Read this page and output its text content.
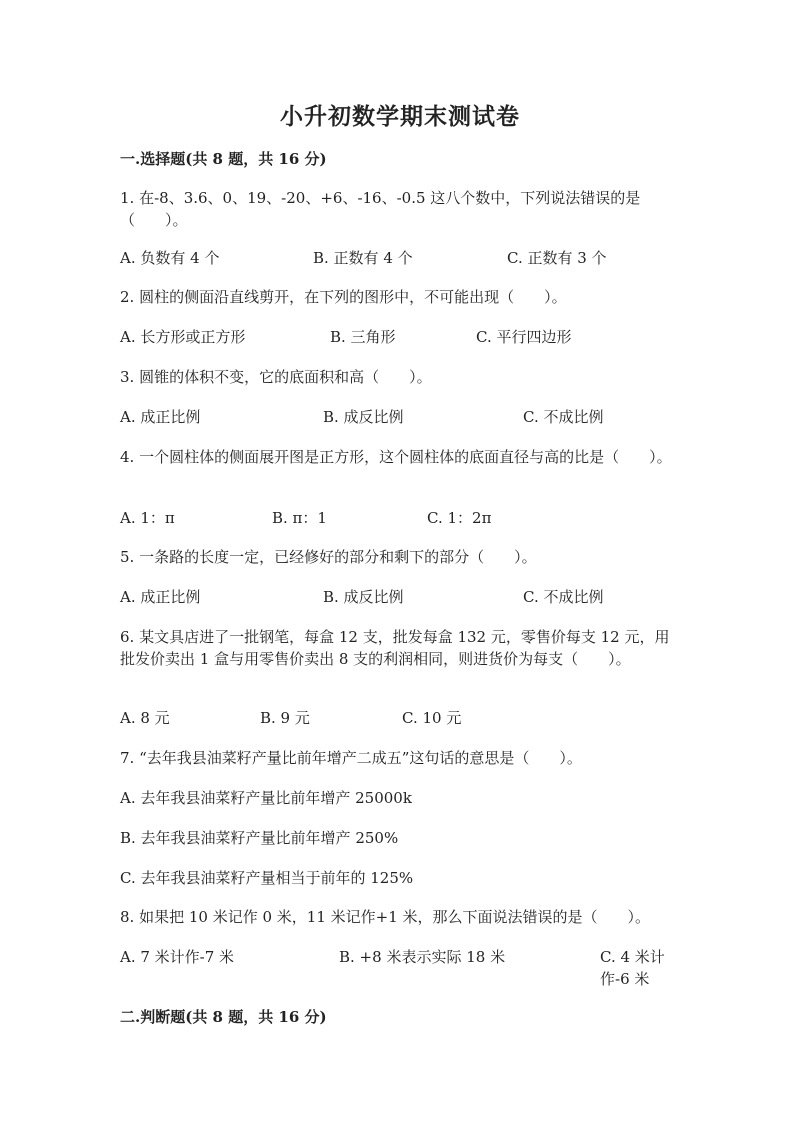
小升初数学期末测试卷
一.选择题(共 8 题，共 16 分)
1. 在-8、3.6、0、19、-20、+6、-16、-0.5 这八个数中，下列说法错误的是（　　）。
A. 负数有 4 个	B. 正数有 4 个	C. 正数有 3 个
2. 圆柱的侧面沿直线剪开，在下列的图形中，不可能出现（　　）。
A. 长方形或正方形	B. 三角形	C. 平行四边形
3. 圆锥的体积不变，它的底面积和高（　　）。
A. 成正比例	B. 成反比例	C. 不成比例
4. 一个圆柱体的侧面展开图是正方形，这个圆柱体的底面直径与高的比是（　　）。
A. 1：π	B. π：1	C. 1：2π
5. 一条路的长度一定，已经修好的部分和剩下的部分（　　）。
A. 成正比例	B. 成反比例	C. 不成比例
6. 某文具店进了一批钢笔，每盒 12 支，批发每盒 132 元，零售价每支 12 元，用批发价卖出 1 盒与用零售价卖出 8 支的利润相同，则进货价为每支（　　）。
A. 8 元	B. 9 元	C. 10 元
7. “去年我县油菜籽产量比前年增产二成五”这句话的意思是（　　）。
A. 去年我县油菜籽产量比前年增产 25000k
B. 去年我县油菜籽产量比前年增产 250%
C. 去年我县油菜籽产量相当于前年的 125%
8. 如果把 10 米记作 0 米，11 米记作+1 米，那么下面说法错误的是（　　）。
A. 7 米计作-7 米	B. +8 米表示实际 18 米	C. 4 米计作-6 米
二.判断题(共 8 题，共 16 分)
